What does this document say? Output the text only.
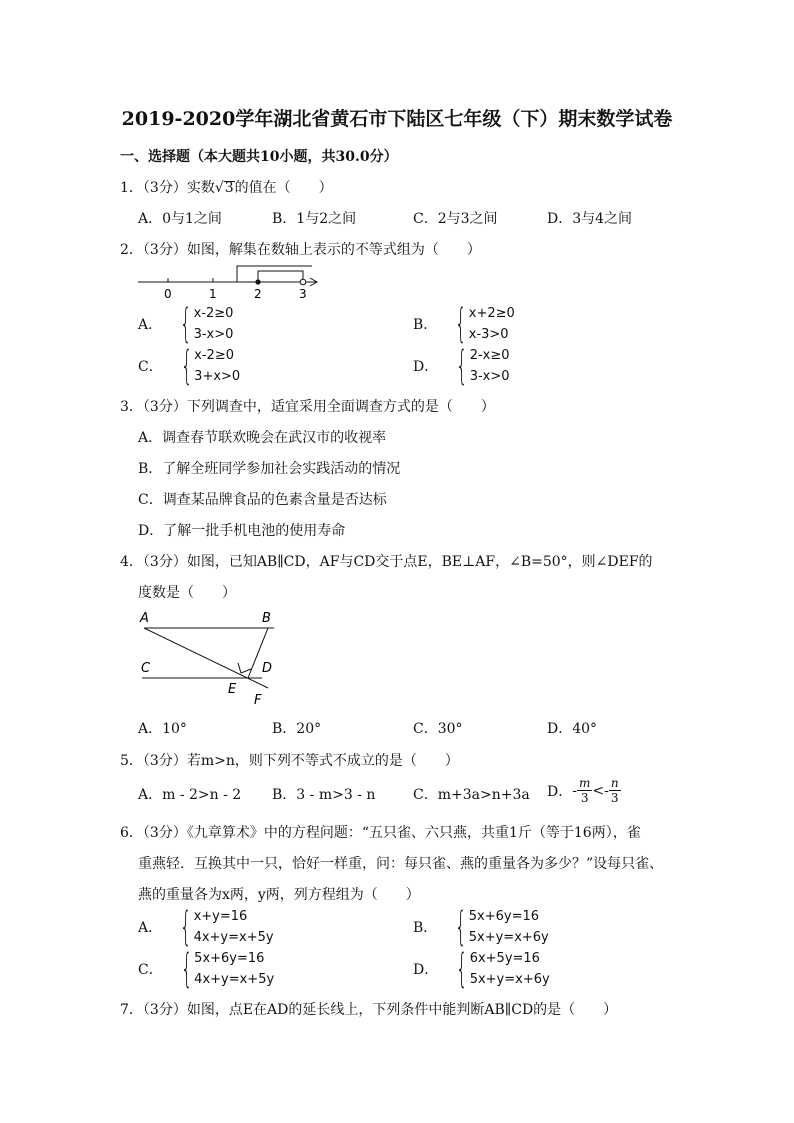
2019-2020学年湖北省黄石市下陆区七年级（下）期末数学试卷
一、选择题（本大题共10小题，共30.0分）
1．（3分）实数√3的值在（　　）
A．0与1之间	B．1与2之间	C．2与3之间	D．3与4之间
2．（3分）如图，解集在数轴上表示的不等式组为（　　）
0	1	2	3
A． { x-2≥0
3-x>0
B． { x+2≥0
x-3>0
C． { x-2≥0
3+x>0
D． { 2-x≥0
3-x>0
3．（3分）下列调查中，适宜采用全面调查方式的是（　　）
A．调查春节联欢晚会在武汉市的收视率
B．了解全班同学参加社会实践活动的情况
C．调查某品牌食品的色素含量是否达标
D．了解一批手机电池的使用寿命
4．（3分）如图，已知AB∥CD，AF与CD交于点E，BE⊥AF，∠B=50°，则∠DEF的
度数是（　　）
A	B
C	D
E
F
A．10°	B．20°	C．30°	D．40°
5．（3分）若m>n，则下列不等式不成立的是（　　）
A．m - 2>n - 2 B．3 - m>3 - n	C．m+3a>n+3a D． - $\frac{m}{3}$ < - $\frac{n}{3}$
6．（3分）《九章算术》中的方程问题：“五只雀、六只燕，共重1斤（等于16两），雀
重燕轻．互换其中一只，恰好一样重，问：每只雀、燕的重量各为多少？”设每只雀、
燕的重量各为x两，y两，列方程组为（　　）
A． { x+y=16
4x+y=x+5y
B． { 5x+6y=16
5x+y=x+6y
C． { 5x+6y=16
4x+y=x+5y
D． { 6x+5y=16
5x+y=x+6y
7．（3分）如图，点E在AD的延长线上，下列条件中能判断AB∥CD的是（　　）
